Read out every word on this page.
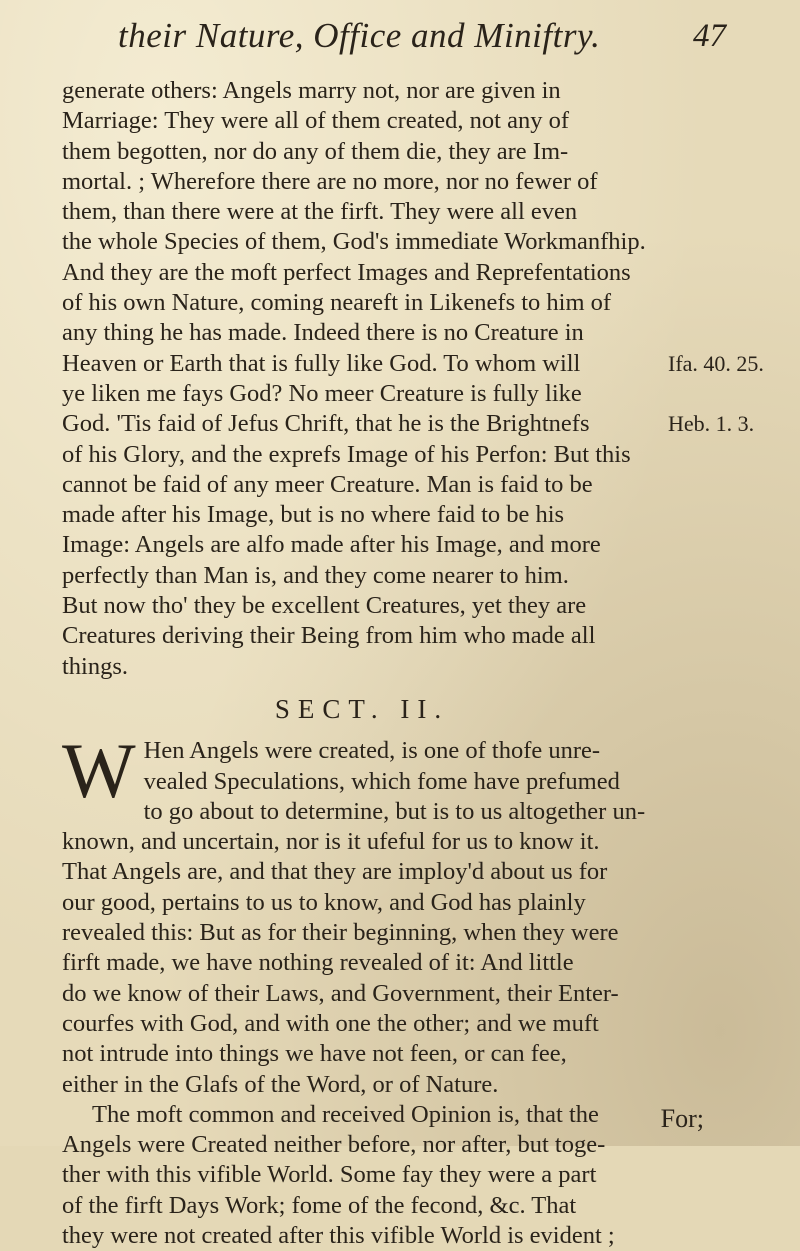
their Nature, Office and Miniftry.	47

generate others: Angels marry not, nor are given in
Marriage: They were all of them created, not any of
them begotten, nor do any of them die, they are Im-
mortal. ; Wherefore there are no more, nor no fewer of
them, than there were at the firft. They were all even
the whole Species of them, God's immediate Workmanfhip.
And they are the moft perfect Images and Reprefentations
of his own Nature, coming neareft in Likenefs to him of
any thing he has made. Indeed there is no Creature in
Heaven or Earth that is fully like God. To whom will
ye liken me fays God? No meer Creature is fully like
God. 'Tis faid of Jefus Chrift, that he is the Brightnefs
of his Glory, and the exprefs Image of his Perfon: But this
cannot be faid of any meer Creature. Man is faid to be
made after his Image, but is no where faid to be his
Image: Angels are alfo made after his Image, and more
perfectly than Man is, and they come nearer to him.
But now tho' they be excellent Creatures, yet they are
Creatures deriving their Being from him who made all
things.

SECT. II.

W Hen Angels were created, is one of thofe unre-
vealed Speculations, which fome have prefumed
to go about to determine, but is to us altogether un-
known, and uncertain, nor is it ufeful for us to know it.
That Angels are, and that they are imploy'd about us for
our good, pertains to us to know, and God has plainly
revealed this: But as for their beginning, when they were
firft made, we have nothing revealed of it: And little
do we know of their Laws, and Government, their Enter-
courfes with God, and with one the other; and we muft
not intrude into things we have not feen, or can fee,
either in the Glafs of the Word, or of Nature.

The moft common and received Opinion is, that the
Angels were Created neither before, nor after, but toge-
ther with this vifible World. Some fay they were a part
of the firft Days Work; fome of the fecond, &c. That
they were not created after this vifible World is evident ;

Ifa. 40. 25.
Heb. 1. 3.
For;
